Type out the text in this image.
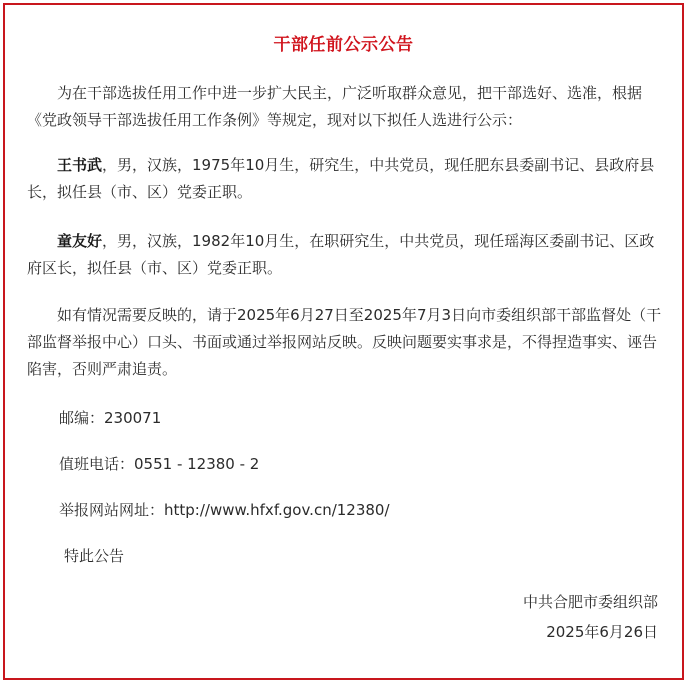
干部任前公示公告

为在干部选拔任用工作中进一步扩大民主，广泛听取群众意见，把干部选好、选准，根据《党政领导干部选拔任用工作条例》等规定，现对以下拟任人选进行公示：

王书武，男，汉族，1975年10月生，研究生，中共党员，现任肥东县委副书记、县政府县长，拟任县（市、区）党委正职。

童友好，男，汉族，1982年10月生，在职研究生，中共党员，现任瑶海区委副书记、区政府区长，拟任县（市、区）党委正职。

如有情况需要反映的，请于2025年6月27日至2025年7月3日向市委组织部干部监督处（干部监督举报中心）口头、书面或通过举报网站反映。反映问题要实事求是，不得捏造事实、诬告陷害，否则严肃追责。

邮编：230071
值班电话：0551 - 12380 - 2
举报网站网址：http://www.hfxf.gov.cn/12380/
特此公告
中共合肥市委组织部
2025年6月26日
